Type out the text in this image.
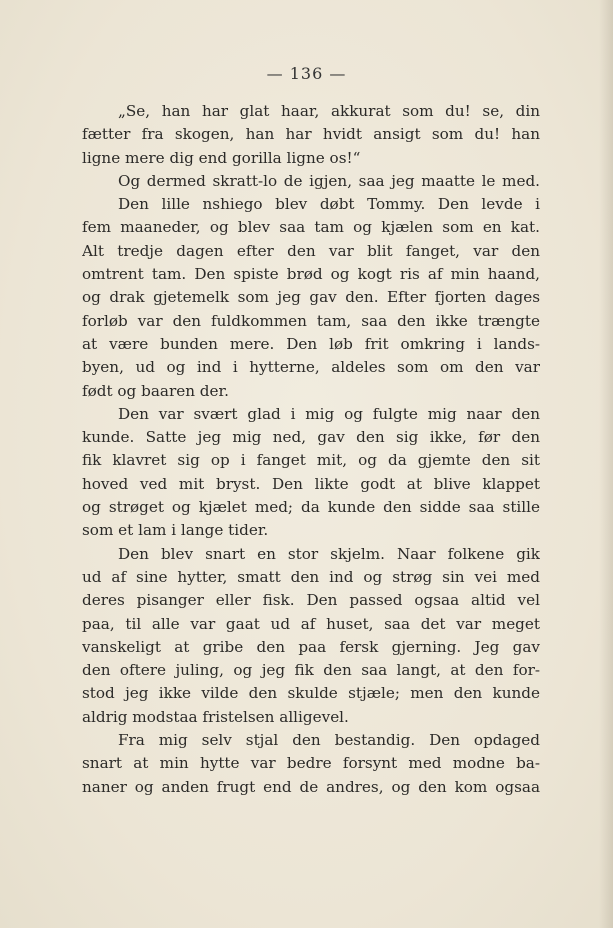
— 136 —
„Se, han har glat haar, akkurat som du! se, din
fætter fra skogen, han har hvidt ansigt som du! han
ligne mere dig end gorilla ligne os!“
Og dermed skratt-lo de igjen, saa jeg maatte le med.
Den lille nshiego blev døbt Tommy. Den levde i
fem maaneder, og blev saa tam og kjælen som en kat.
Alt tredje dagen efter den var blit fanget, var den
omtrent tam. Den spiste brød og kogt ris af min haand,
og drak gjetemelk som jeg gav den. Efter fjorten dages
forløb var den fuldkommen tam, saa den ikke trængte
at være bunden mere. Den løb frit omkring i lands-
byen, ud og ind i hytterne, aldeles som om den var
født og baaren der.
Den var svært glad i mig og fulgte mig naar den
kunde. Satte jeg mig ned, gav den sig ikke, før den
fik klavret sig op i fanget mit, og da gjemte den sit
hoved ved mit bryst. Den likte godt at blive klappet
og strøget og kjælet med; da kunde den sidde saa stille
som et lam i lange tider.
Den blev snart en stor skjelm. Naar folkene gik
ud af sine hytter, smatt den ind og strøg sin vei med
deres pisanger eller fisk. Den passed ogsaa altid vel
paa, til alle var gaat ud af huset, saa det var meget
vanskeligt at gribe den paa fersk gjerning. Jeg gav
den oftere juling, og jeg fik den saa langt, at den for-
stod jeg ikke vilde den skulde stjæle; men den kunde
aldrig modstaa fristelsen alligevel.
Fra mig selv stjal den bestandig. Den opdaged
snart at min hytte var bedre forsynt med modne ba-
naner og anden frugt end de andres, og den kom ogsaa
